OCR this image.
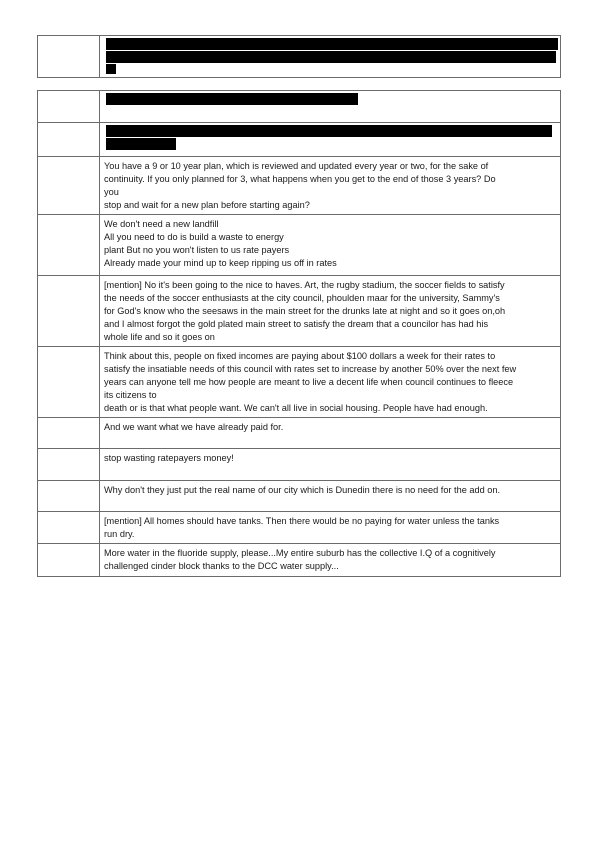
	You have a 9 or 10 year plan, which is reviewed and updated every year or two, for the sake of
continuity. If you only planned for 3, what happens when you get to the end of those 3 years? Do
you
stop and wait for a new plan before starting again?
	We don't need a new landfill
All you need to do is build a waste to energy
plant But no you won't listen to us rate payers
Already made your mind up to keep ripping us off in rates
	[mention] No it's been going to the nice to haves. Art, the rugby stadium, the soccer fields to satisfy
the needs of the soccer enthusiasts at the city council, phoulden maar for the university, Sammy's
for God's know who the seesaws in the main street for the drunks late at night and so it goes on,oh
and I almost forgot the gold plated main street to satisfy the dream that a councilor has had his
whole life and so it goes on
	Think about this, people on fixed incomes are paying about $100 dollars a week for their rates to
satisfy the insatiable needs of this council with rates set to increase by another 50% over the next few
years can anyone tell me how people are meant to live a decent life when council continues to fleece
its citizens to
death or is that what people want. We can't all live in social housing. People have had enough.
	And we want what we have already paid for.
	stop wasting ratepayers money!
	Why don't they just put the real name of our city which is Dunedin there is no need for the add on.
	[mention] All homes should have tanks. Then there would be no paying for water unless the tanks
run dry.
	More water in the fluoride supply, please...My entire suburb has the collective I.Q of a cognitively
challenged cinder block thanks to the DCC water supply...
